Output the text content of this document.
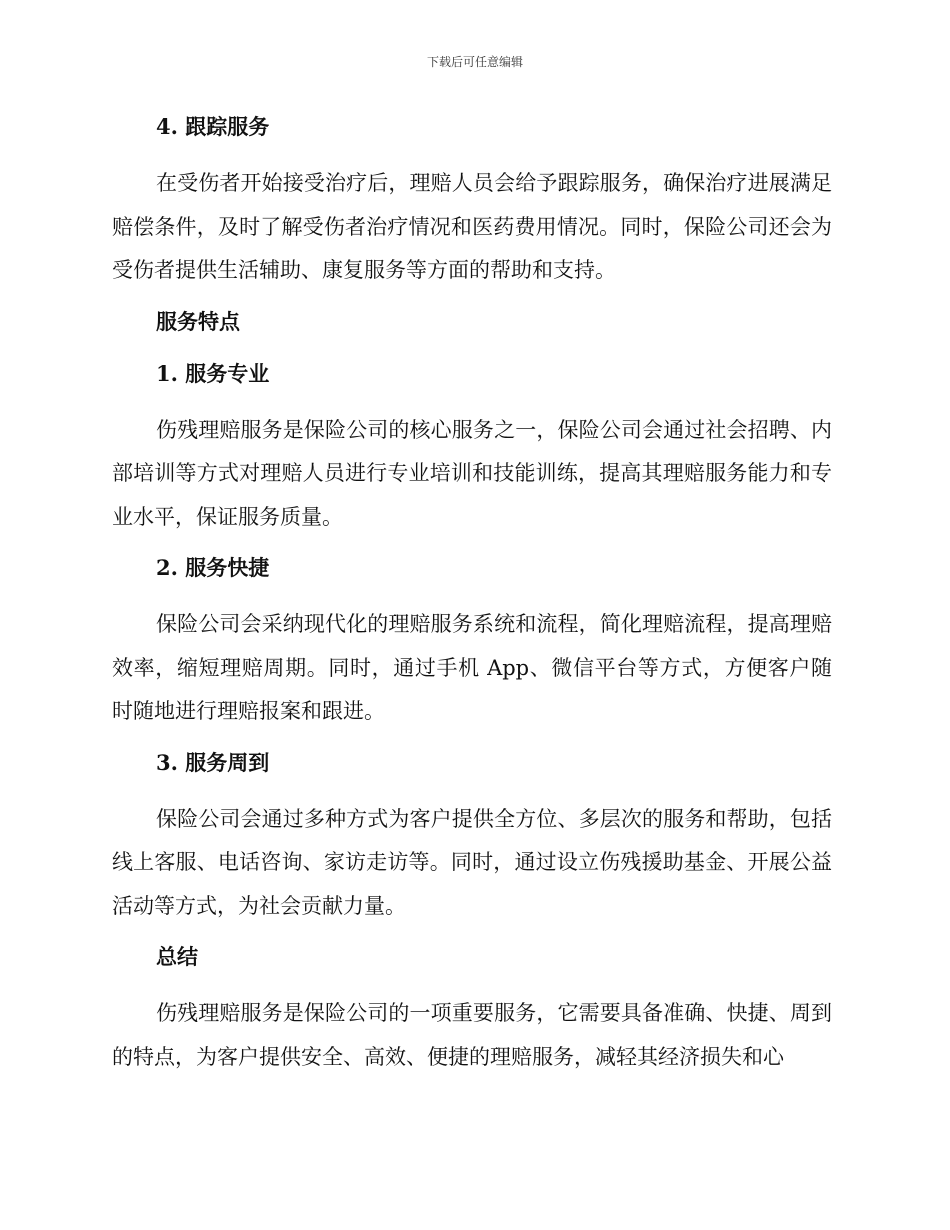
下载后可任意编辑
4. 跟踪服务

在受伤者开始接受治疗后，理赔人员会给予跟踪服务，确保治疗进展满足赔偿条件，及时了解受伤者治疗情况和医药费用情况。同时，保险公司还会为受伤者提供生活辅助、康复服务等方面的帮助和支持。

服务特点
1. 服务专业

伤残理赔服务是保险公司的核心服务之一，保险公司会通过社会招聘、内部培训等方式对理赔人员进行专业培训和技能训练，提高其理赔服务能力和专业水平，保证服务质量。

2. 服务快捷

保险公司会采纳现代化的理赔服务系统和流程，简化理赔流程，提高理赔效率，缩短理赔周期。同时，通过手机 App、微信平台等方式，方便客户随时随地进行理赔报案和跟进。

3. 服务周到

保险公司会通过多种方式为客户提供全方位、多层次的服务和帮助，包括线上客服、电话咨询、家访走访等。同时，通过设立伤残援助基金、开展公益活动等方式，为社会贡献力量。

总结

伤残理赔服务是保险公司的一项重要服务，它需要具备准确、快捷、周到的特点，为客户提供安全、高效、便捷的理赔服务，减轻其经济损失和心
